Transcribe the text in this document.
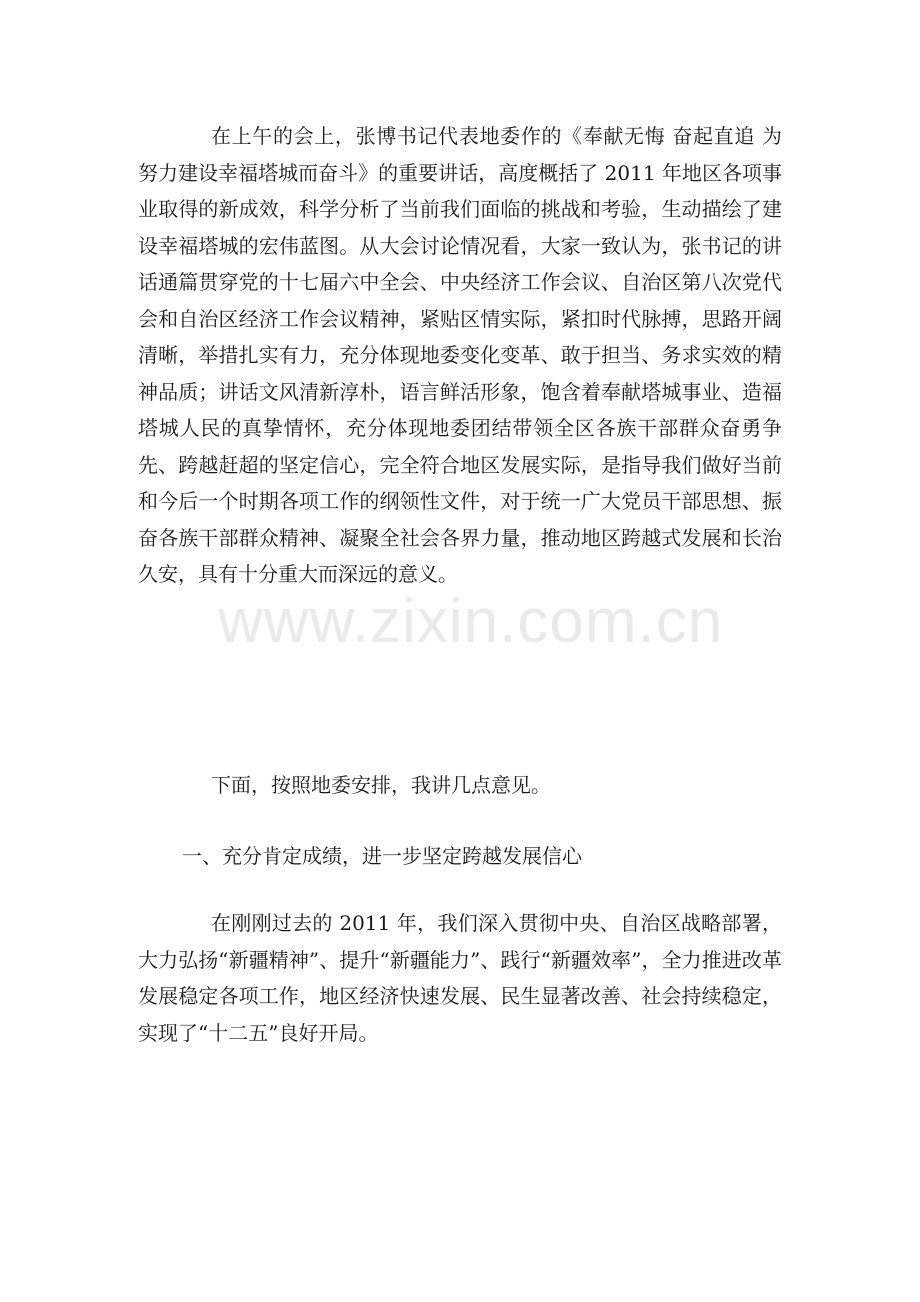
在上午的会上，张博书记代表地委作的《奉献无悔 奋起直追 为努力建设幸福塔城而奋斗》的重要讲话，高度概括了 2011 年地区各项事业取得的新成效，科学分析了当前我们面临的挑战和考验，生动描绘了建设幸福塔城的宏伟蓝图。从大会讨论情况看，大家一致认为，张书记的讲话通篇贯穿党的十七届六中全会、中央经济工作会议、自治区第八次党代会和自治区经济工作会议精神，紧贴区情实际，紧扣时代脉搏，思路开阔清晰，举措扎实有力，充分体现地委变化变革、敢于担当、务求实效的精神品质；讲话文风清新淳朴，语言鲜活形象，饱含着奉献塔城事业、造福塔城人民的真挚情怀，充分体现地委团结带领全区各族干部群众奋勇争先、跨越赶超的坚定信心，完全符合地区发展实际，是指导我们做好当前和今后一个时期各项工作的纲领性文件，对于统一广大党员干部思想、振奋各族干部群众精神、凝聚全社会各界力量，推动地区跨越式发展和长治久安，具有十分重大而深远的意义。

下面，按照地委安排，我讲几点意见。

一、充分肯定成绩，进一步坚定跨越发展信心

在刚刚过去的 2011 年，我们深入贯彻中央、自治区战略部署，大力弘扬“新疆精神”、提升“新疆能力”、践行“新疆效率”，全力推进改革发展稳定各项工作，地区经济快速发展、民生显著改善、社会持续稳定，实现了“十二五”良好开局。

www.zixin.com.cn
